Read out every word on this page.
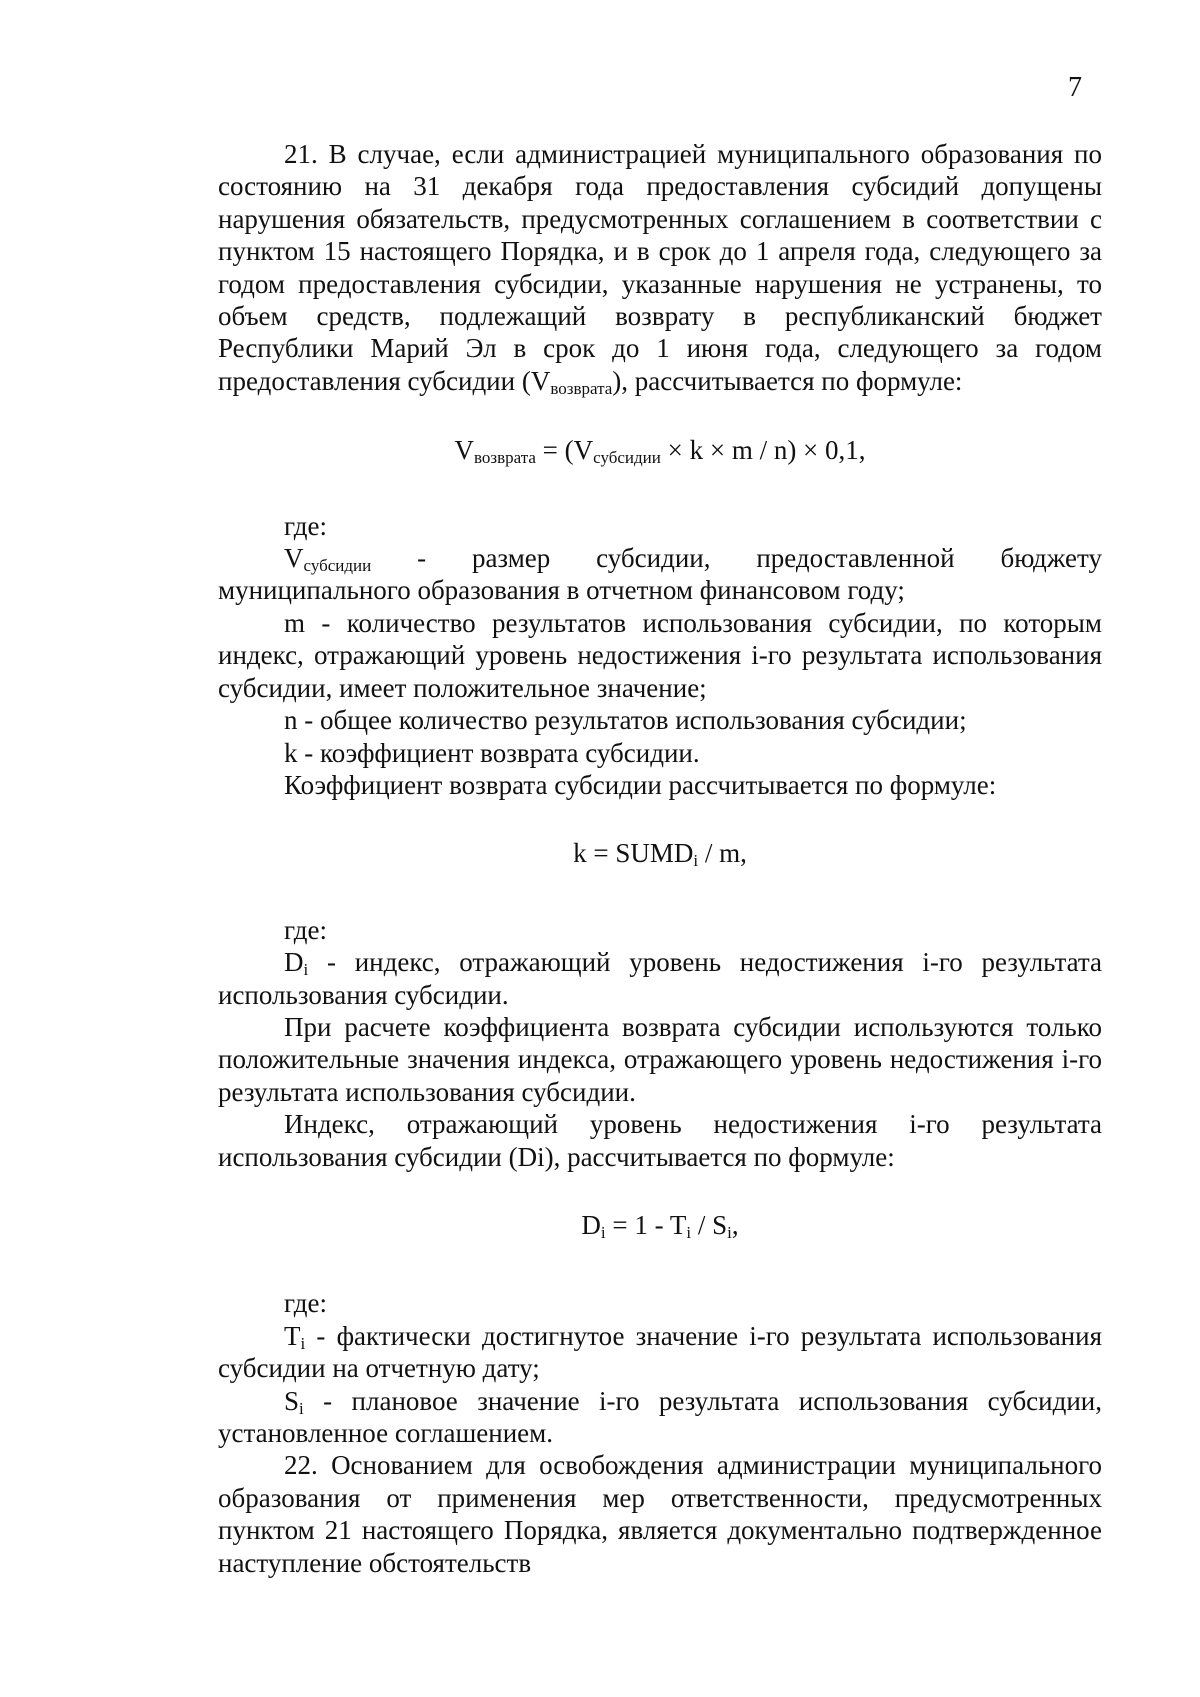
7

21. В случае, если администрацией муниципального образования по состоянию на 31 декабря года предоставления субсидий допущены нарушения обязательств, предусмотренных соглашением в соответствии с пунктом 15 настоящего Порядка, и в срок до 1 апреля года, следующего за годом предоставления субсидии, указанные нарушения не устранены, то объем средств, подлежащий возврату в республиканский бюджет Республики Марий Эл в срок до 1 июня года, следующего за годом предоставления субсидии $(V_{возврата})$, рассчитывается по формуле:

$V_{возврата} = (V_{субсидии} \times k \times m / n) \times 0,1$,

где:

$V_{субсидии}$ - размер субсидии, предоставленной бюджету муниципального образования в отчетном финансовом году;

m - количество результатов использования субсидии, по которым индекс, отражающий уровень недостижения i-го результата использования субсидии, имеет положительное значение;

n - общее количество результатов использования субсидии;

k - коэффициент возврата субсидии.

Коэффициент возврата субсидии рассчитывается по формуле:

$k = SUMD_i / m$,

где:

$D_i$ - индекс, отражающий уровень недостижения i-го результата использования субсидии.

При расчете коэффициента возврата субсидии используются только положительные значения индекса, отражающего уровень недостижения i-го результата использования субсидии.

Индекс, отражающий уровень недостижения i-го результата использования субсидии (Di), рассчитывается по формуле:

$D_i = 1 - T_i / S_i$,

где:

$T_i$ - фактически достигнутое значение i-го результата использования субсидии на отчетную дату;

$S_i$ - плановое значение i-го результата использования субсидии, установленное соглашением.

22. Основанием для освобождения администрации муниципального образования от применения мер ответственности, предусмотренных пунктом 21 настоящего Порядка, является документально подтвержденное наступление обстоятельств
